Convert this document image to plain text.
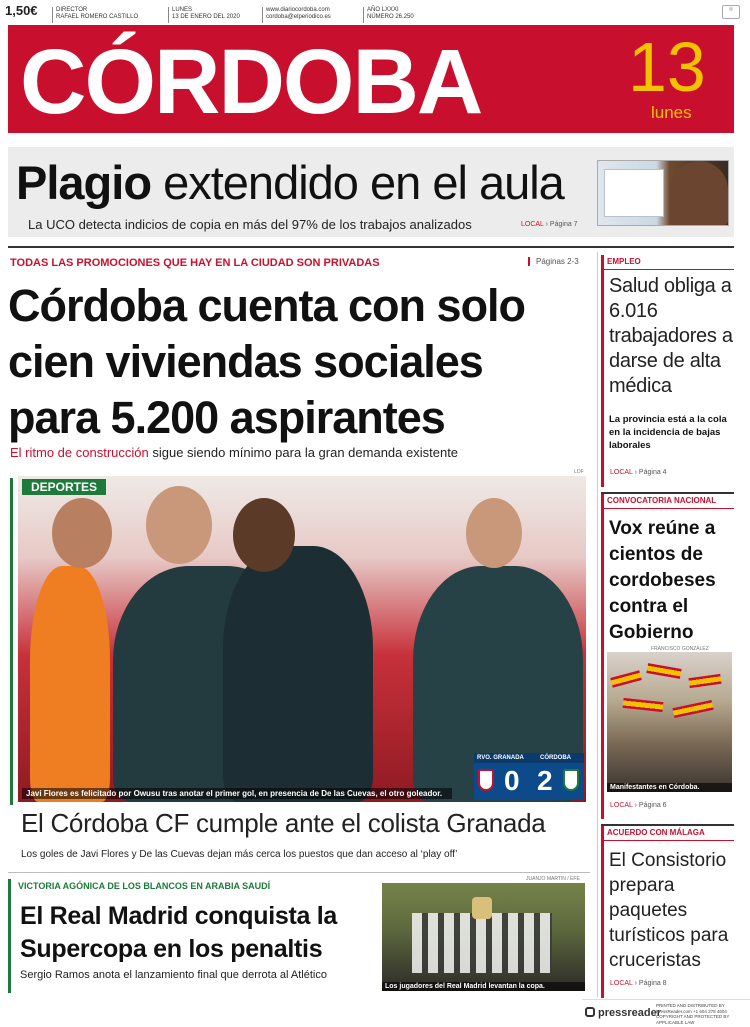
1,50€	DIRECTOR
RAFAEL ROMERO CASTILLO
LUNES
13 DE ENERO DEL 2020
www.diariocordoba.com
cordoba@elperiodico.es
AÑO LXXXI
NÚMERO 26.250
◎
CÓRDOBA 13
lunes
Plagio extendido en el aula
La UCO detecta indicios de copia en más del 97% de los trabajos analizados	LOCAL › Página 7
TODAS LAS PROMOCIONES QUE HAY EN LA CIUDAD SON PRIVADAS	Páginas 2-3
Córdoba cuenta con solo
cien viviendas sociales
para 5.200 aspirantes
El ritmo de construcción sigue siendo mínimo para la gran demanda existente
DEPORTES
LOF
Javi Flores es felicitado por Owusu tras anotar el primer gol, en presencia de De las Cuevas, el otro goleador.
RVO. GRANADA	CÓRDOBA
0 2
El Córdoba CF cumple ante el colista Granada
Los goles de Javi Flores y De las Cuevas dejan más cerca los puestos que dan acceso al ‘play off’
VICTORIA AGÓNICA DE LOS BLANCOS EN ARABIA SAUDÍ
El Real Madrid conquista la
Supercopa en los penaltis
Sergio Ramos anota el lanzamiento final que derrota al Atlético
JUANJO MARTIN / EFE
Los jugadores del Real Madrid levantan la copa.
EMPLEO
Salud obliga a 6.016 trabajadores a darse de alta médica
La provincia está a la cola en la incidencia de bajas laborales
LOCAL › Página 4
CONVOCATORIA NACIONAL
Vox reúne a cientos de cordobeses contra el Gobierno
FRANCISCO GONZÁLEZ
Manifestantes en Córdoba.
LOCAL › Página 6
ACUERDO CON MÁLAGA
El Consistorio prepara paquetes turísticos para cruceristas
LOCAL › Página 8
pressreader
PRINTED AND DISTRIBUTED BY
PressReader.com +1 604 278 4604
COPYRIGHT AND PROTECTED BY APPLICABLE LAW
